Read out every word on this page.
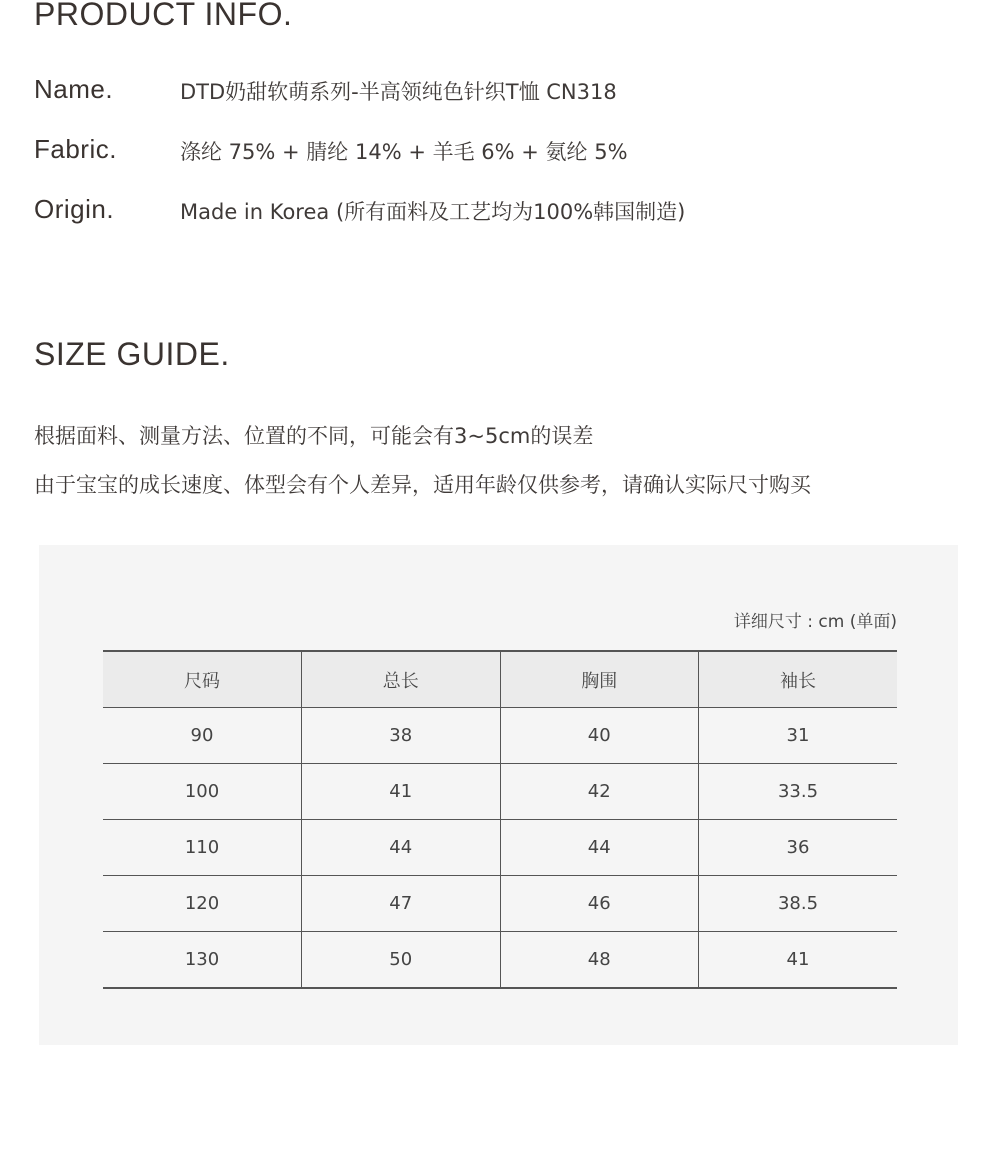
PRODUCT INFO.
Name.	DTD奶甜软萌系列-半高领纯色针织T恤 CN318
Fabric.	涤纶 75% + 腈纶 14% + 羊毛 6% + 氨纶 5%
Origin.	Made in Korea (所有面料及工艺均为100%韩国制造)
SIZE GUIDE.
根据面料、测量方法、位置的不同，可能会有3~5cm的误差
由于宝宝的成长速度、体型会有个人差异，适用年龄仅供参考，请确认实际尺寸购买
详细尺寸 : cm (单面)
尺码	总长	胸围	袖长
90	38	40	31
100	41	42	33.5
110	44	44	36
120	47	46	38.5
130	50	48	41
